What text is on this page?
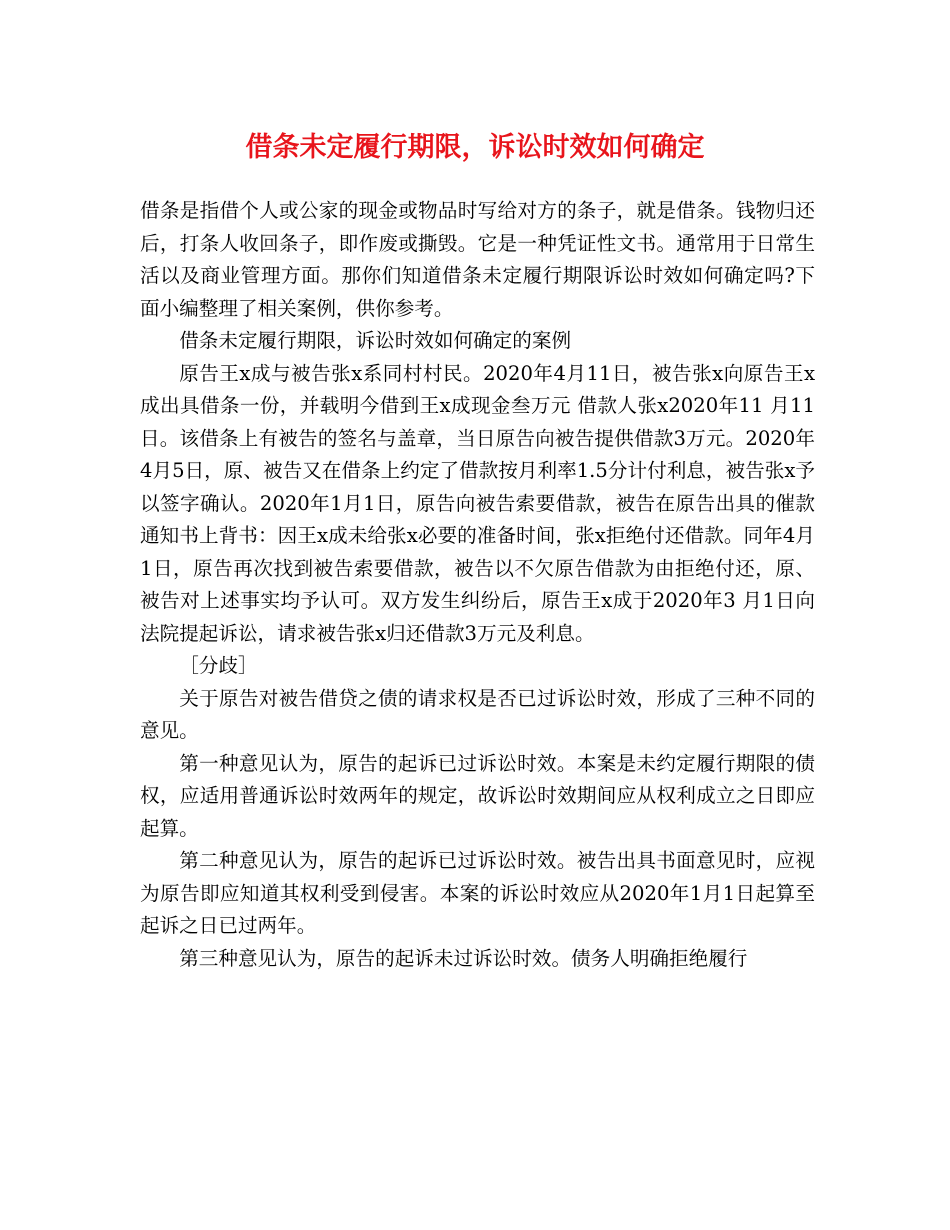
借条未定履行期限，诉讼时效如何确定

借条是指借个人或公家的现金或物品时写给对方的条子，就是借条。钱物归还后，打条人收回条子，即作废或撕毁。它是一种凭证性文书。通常用于日常生活以及商业管理方面。那你们知道借条未定履行期限诉讼时效如何确定吗?下面小编整理了相关案例，供你参考。

借条未定履行期限，诉讼时效如何确定的案例

原告王x成与被告张x系同村村民。2020年4月11日，被告张x向原告王x成出具借条一份，并载明今借到王x成现金叁万元 借款人张x2020年11 月11日。该借条上有被告的签名与盖章，当日原告向被告提供借款3万元。2020年4月5日，原、被告又在借条上约定了借款按月利率1.5分计付利息，被告张x予以签字确认。2020年1月1日，原告向被告索要借款，被告在原告出具的催款通知书上背书：因王x成未给张x必要的准备时间，张x拒绝付还借款。同年4月1日，原告再次找到被告索要借款，被告以不欠原告借款为由拒绝付还，原、被告对上述事实均予认可。双方发生纠纷后，原告王x成于2020年3 月1日向法院提起诉讼，请求被告张x归还借款3万元及利息。

［分歧］

关于原告对被告借贷之债的请求权是否已过诉讼时效，形成了三种不同的意见。

第一种意见认为，原告的起诉已过诉讼时效。本案是未约定履行期限的债权，应适用普通诉讼时效两年的规定，故诉讼时效期间应从权利成立之日即应起算。

第二种意见认为，原告的起诉已过诉讼时效。被告出具书面意见时，应视为原告即应知道其权利受到侵害。本案的诉讼时效应从2020年1月1日起算至起诉之日已过两年。

第三种意见认为，原告的起诉未过诉讼时效。债务人明确拒绝履行
